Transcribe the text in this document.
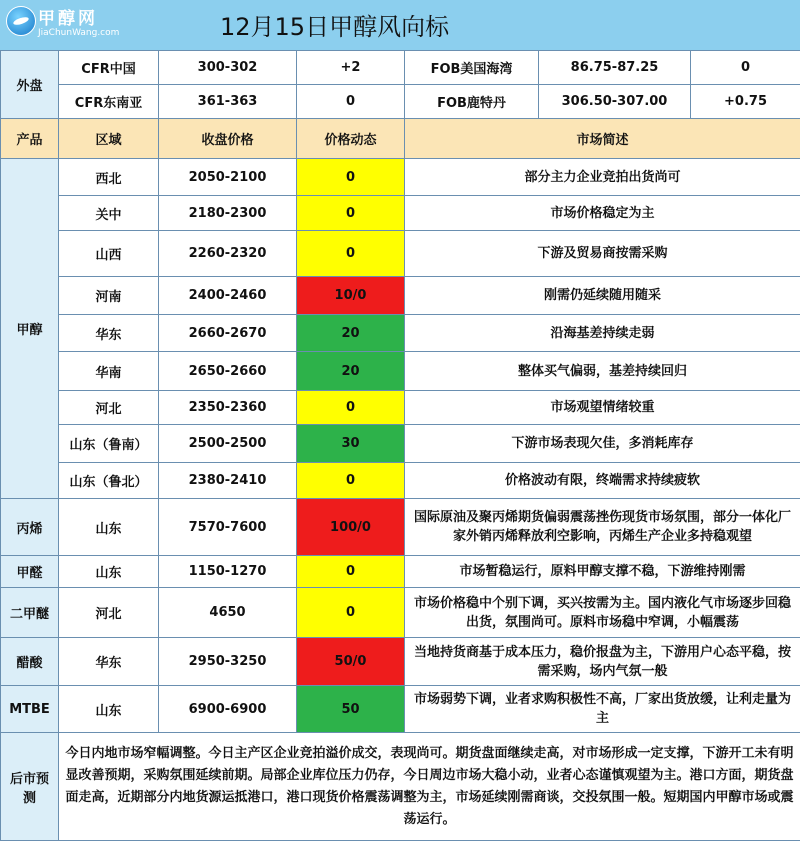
甲醇网
JiaChunWang.com	12月15日甲醇风向标
外盘	CFR中国	300-302	+2	FOB美国海湾	86.75-87.25	0
	CFR东南亚	361-363	0	FOB鹿特丹	306.50-307.00	+0.75
产品	区域	收盘价格	价格动态	市场简述		
甲醇	西北	2050-2100	0	部分主力企业竞拍出货尚可		
	关中	2180-2300	0	市场价格稳定为主		
	山西	2260-2320	0	下游及贸易商按需采购		
	河南	2400-2460	10/0	刚需仍延续随用随采		
	华东	2660-2670	20	沿海基差持续走弱		
	华南	2650-2660	20	整体买气偏弱，基差持续回归		
	河北	2350-2360	0	市场观望情绪较重		
	山东（鲁南）	2500-2500	30	下游市场表现欠佳，多消耗库存		
	山东（鲁北）	2380-2410	0	价格波动有限，终端需求持续疲软		
丙烯	山东	7570-7600	100/0	国际原油及聚丙烯期货偏弱震荡挫伤现货市场氛围，部分一体化厂家外销丙烯释放利空影响，丙烯生产企业多持稳观望		

甲醛	山东	1150-1270	0	市场暂稳运行，原料甲醇支撑不稳，下游维持刚需		

二甲醚	河北	4650	0	市场价格稳中个别下调，买兴按需为主。国内液化气市场逐步回稳出货，氛围尚可。原料市场稳中窄调，小幅震荡		

醋酸	华东	2950-3250	50/0	当地持货商基于成本压力，稳价报盘为主，下游用户心态平稳，按需采购，场内气氛一般		

MTBE	山东	6900-6900	50	市场弱势下调，业者求购积极性不高，厂家出货放缓，让利走量为主		

后市预测	今日内地市场窄幅调整。今日主产区企业竞拍溢价成交，表现尚可。期货盘面继续走高，对市场形成一定支撑，下游开工未有明显改善预期，采购氛围延续前期。局部企业库位压力仍存，今日周边市场大稳小动，业者心态谨慎观望为主。港口方面，期货盘面走高，近期部分内地货源运抵港口，港口现货价格震荡调整为主，市场延续刚需商谈，交投氛围一般。短期国内甲醇市场或震荡运行。					
